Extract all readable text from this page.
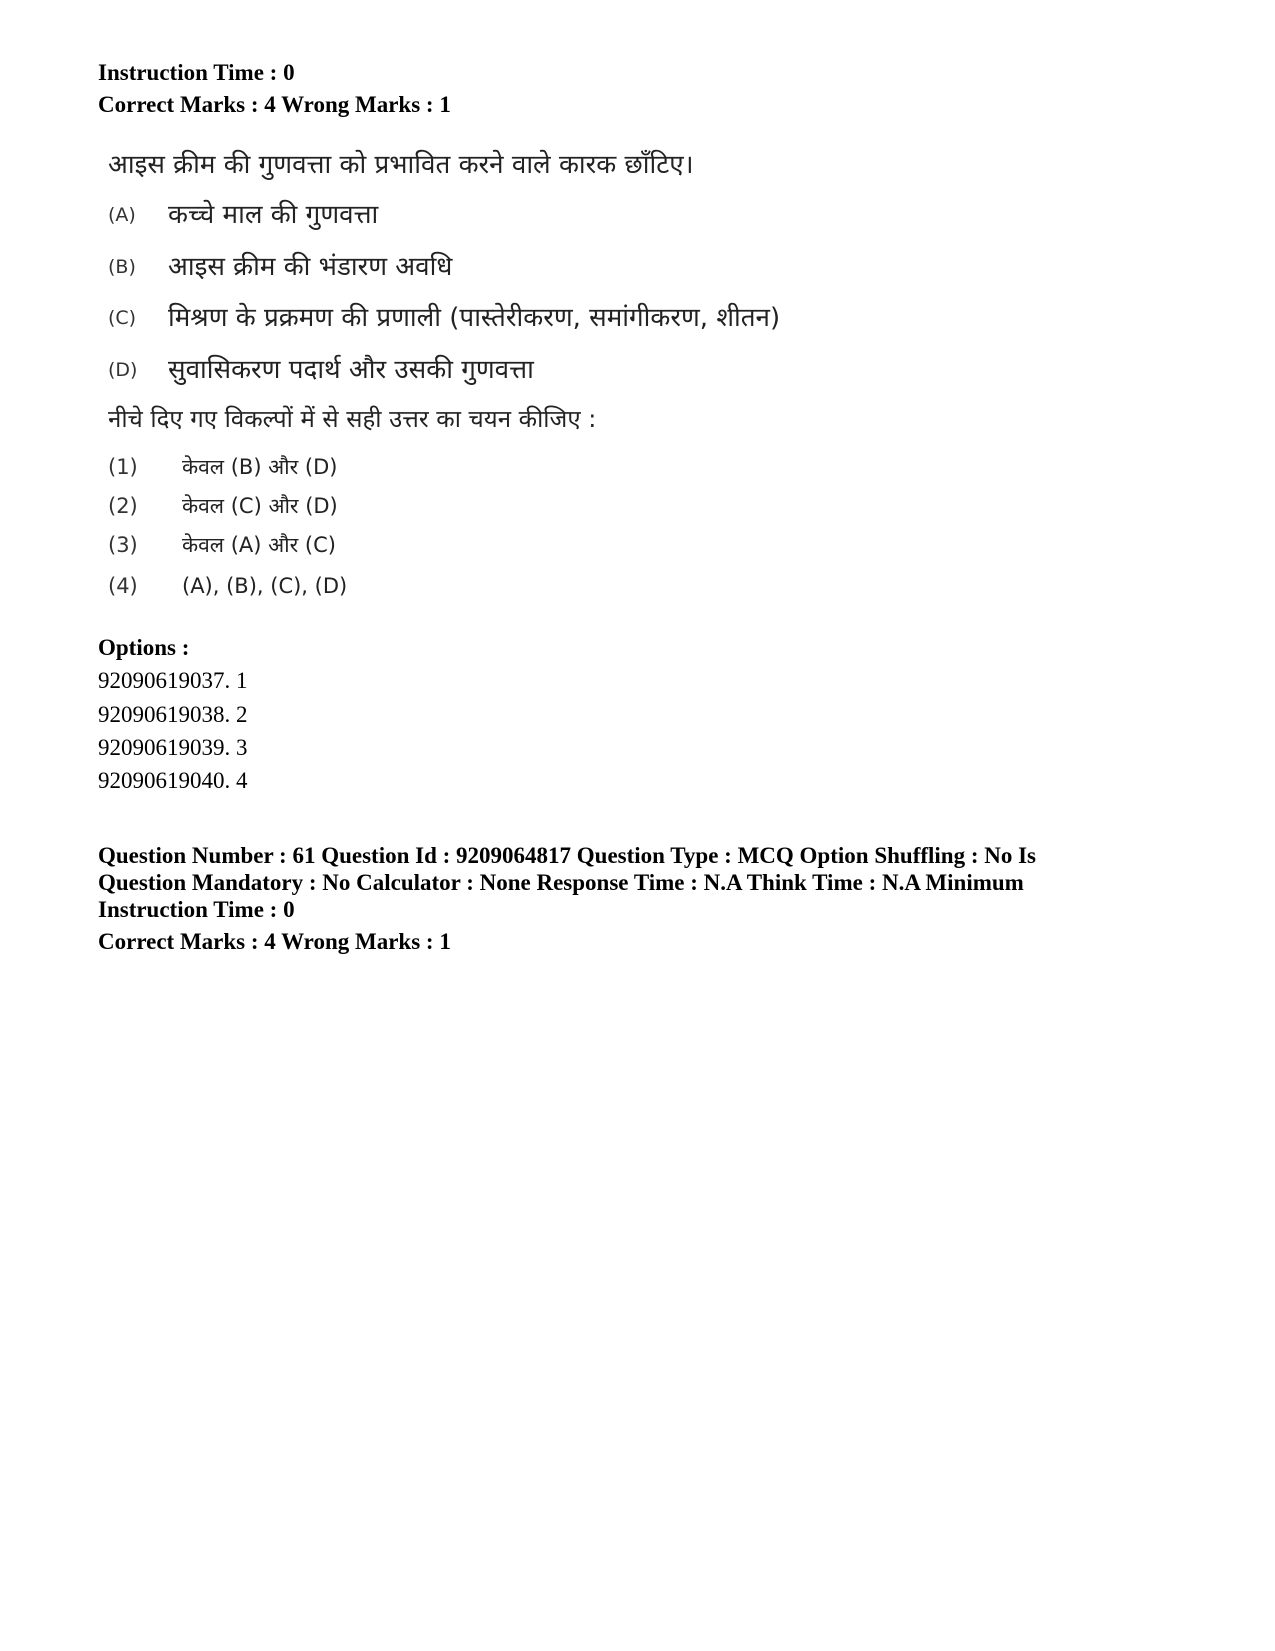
Instruction Time : 0
Correct Marks : 4 Wrong Marks : 1
आइस क्रीम की गुणवत्ता को प्रभावित करने वाले कारक छाँटिए।
(A) कच्चे माल की गुणवत्ता
(B) आइस क्रीम की भंडारण अवधि
(C) मिश्रण के प्रक्रमण की प्रणाली (पास्तेरीकरण, समांगीकरण, शीतन)
(D) सुवासिकरण पदार्थ और उसकी गुणवत्ता
नीचे दिए गए विकल्पों में से सही उत्तर का चयन कीजिए :
(1) केवल (B) और (D)
(2) केवल (C) और (D)
(3) केवल (A) और (C)
(4) (A), (B), (C), (D)
Options :
92090619037. 1
92090619038. 2
92090619039. 3
92090619040. 4
Question Number : 61 Question Id : 9209064817 Question Type : MCQ Option Shuffling : No Is
Question Mandatory : No Calculator : None Response Time : N.A Think Time : N.A Minimum
Instruction Time : 0
Correct Marks : 4 Wrong Marks : 1
